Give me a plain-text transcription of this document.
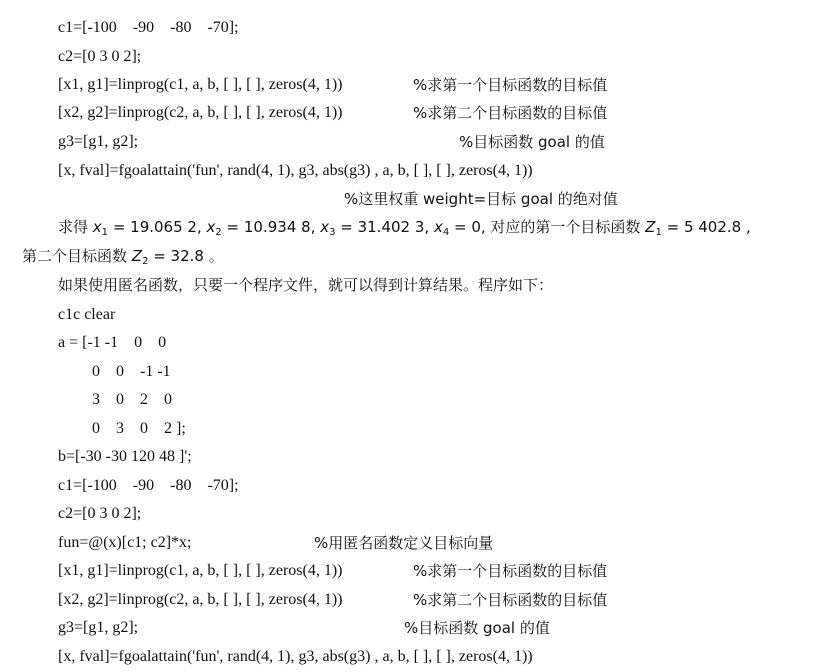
c1=[-100    -90    -80    -70];
c2=[0 3 0 2];
[x1, g1]=linprog(c1, a, b, [ ], [ ], zeros(4, 1))	%求第一个目标函数的目标值
[x2, g2]=linprog(c2, a, b, [ ], [ ], zeros(4, 1))	%求第二个目标函数的目标值
g3=[g1, g2];	%目标函数 goal 的值
[x, fval]=fgoalattain('fun', rand(4, 1), g3, abs(g3) , a, b, [ ], [ ], zeros(4, 1))
%这里权重 weight=目标 goal 的绝对值
求得 $x_1 = 19.065$ 2, $x_2 = 10.934$ 8, $x_3 = 31.402$ 3, $x_4 = 0$, 对应的第一个目标函数 $Z_1 = 5$ 402.8 ,
第二个目标函数 $Z_2 = 32.8$ 。
如果使用匿名函数，只要一个程序文件，就可以得到计算结果。程序如下：
c1c clear
a = [-1 -1    0    0
0    0    -1 -1
3    0    2    0
0    3    0    2 ];
b=[-30 -30 120 48 ]';
c1=[-100    -90    -80    -70];
c2=[0 3 0 2];
fun=@(x)[c1; c2]*x;	%用匿名函数定义目标向量
[x1, g1]=linprog(c1, a, b, [ ], [ ], zeros(4, 1))	%求第一个目标函数的目标值
[x2, g2]=linprog(c2, a, b, [ ], [ ], zeros(4, 1))	%求第二个目标函数的目标值
g3=[g1, g2];	%目标函数 goal 的值
[x, fval]=fgoalattain('fun', rand(4, 1), g3, abs(g3) , a, b, [ ], [ ], zeros(4, 1))
